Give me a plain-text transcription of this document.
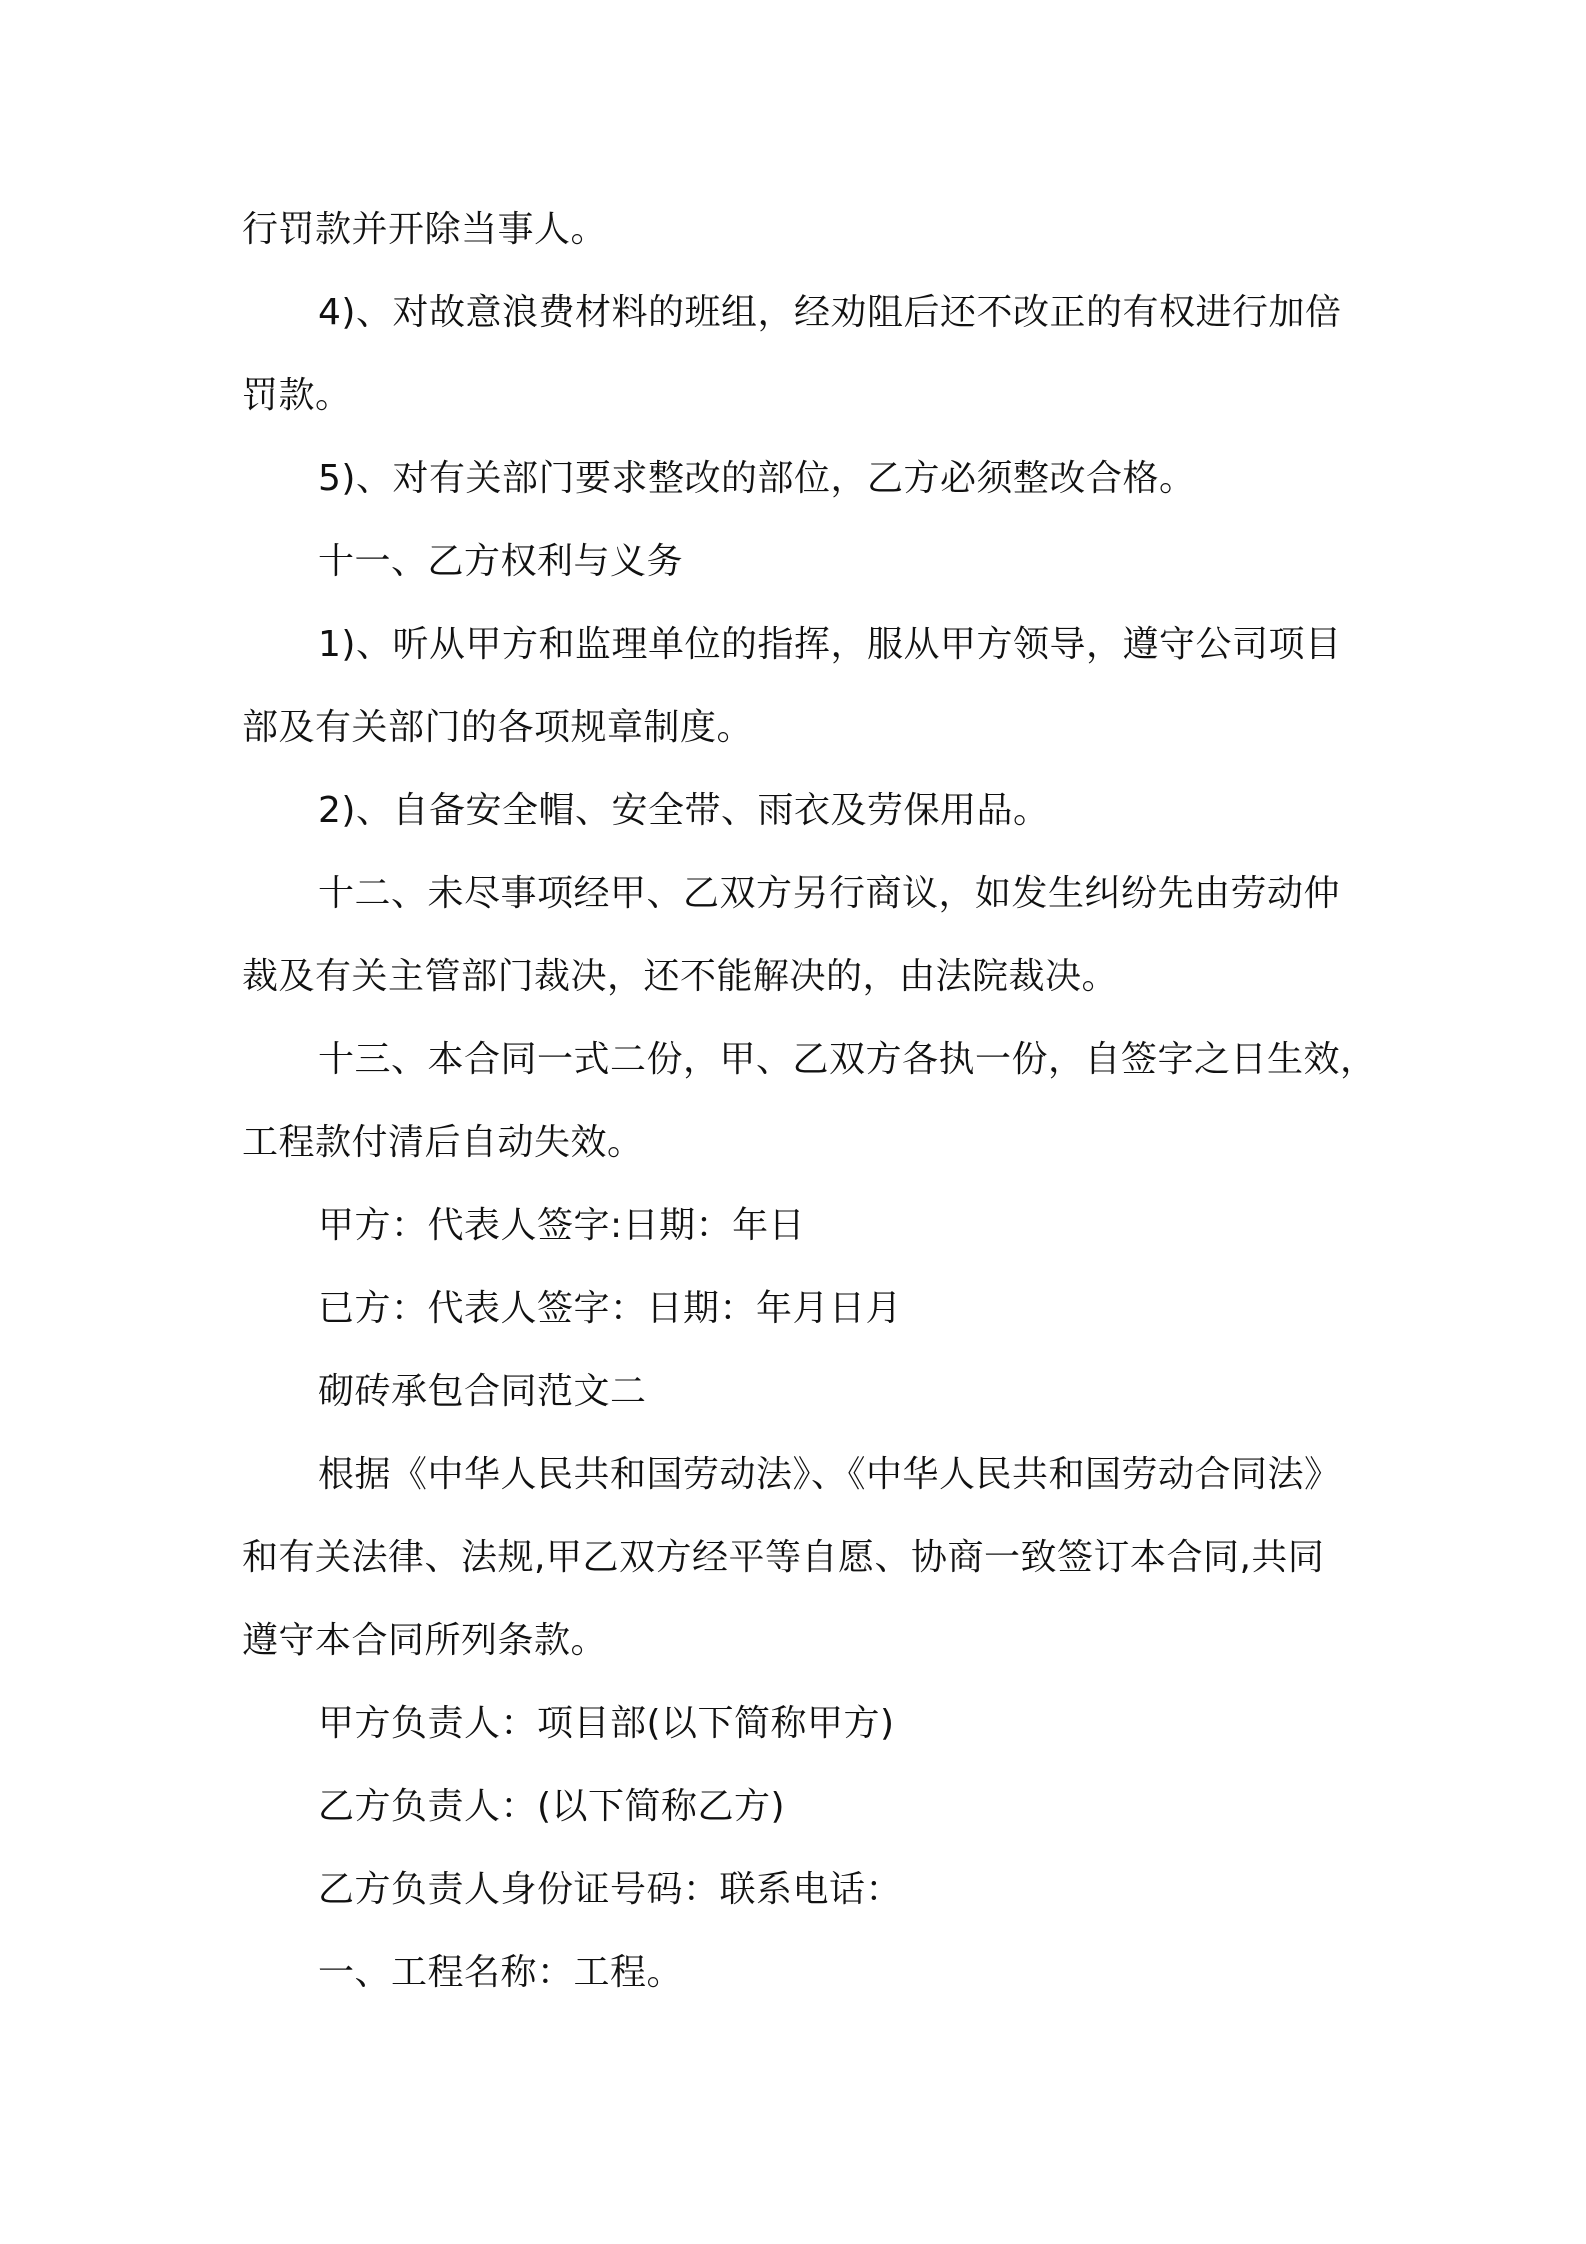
行罚款并开除当事人。
4)、对故意浪费材料的班组，经劝阻后还不改正的有权进行加倍
罚款。
5)、对有关部门要求整改的部位，乙方必须整改合格。
十一、乙方权利与义务
1)、听从甲方和监理单位的指挥，服从甲方领导，遵守公司项目
部及有关部门的各项规章制度。
2)、自备安全帽、安全带、雨衣及劳保用品。
十二、未尽事项经甲、乙双方另行商议，如发生纠纷先由劳动仲
裁及有关主管部门裁决，还不能解决的，由法院裁决。
十三、本合同一式二份，甲、乙双方各执一份，自签字之日生效，
工程款付清后自动失效。
甲方：代表人签字:日期：年日
已方：代表人签字：日期：年月日月
砌砖承包合同范文二
根据《中华人民共和国劳动法》、《中华人民共和国劳动合同法》
和有关法律、法规,甲乙双方经平等自愿、协商一致签订本合同,共同
遵守本合同所列条款。
甲方负责人：项目部(以下简称甲方)
乙方负责人：(以下简称乙方)
乙方负责人身份证号码：联系电话：
一、工程名称：工程。
